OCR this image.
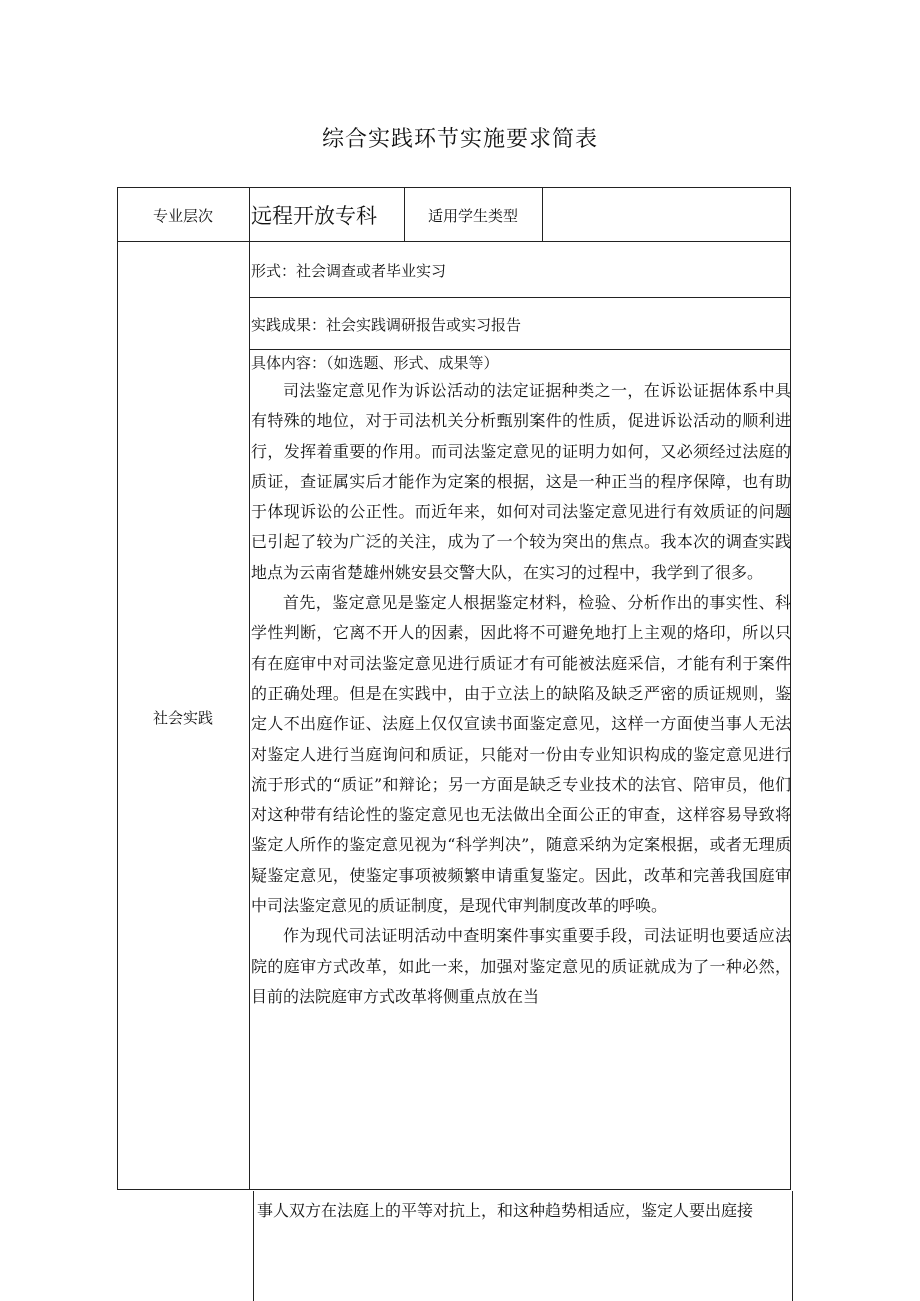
综合实践环节实施要求简表
专业层次	远程开放专科	适用学生类型
社会实践
形式：社会调查或者毕业实习
实践成果：社会实践调研报告或实习报告
具体内容：（如选题、形式、成果等）

司法鉴定意见作为诉讼活动的法定证据种类之一，在诉讼证据体系中具有特殊的地位，对于司法机关分析甄别案件的性质，促进诉讼活动的顺利进行，发挥着重要的作用。而司法鉴定意见的证明力如何，又必须经过法庭的质证，查证属实后才能作为定案的根据，这是一种正当的程序保障，也有助于体现诉讼的公正性。而近年来，如何对司法鉴定意见进行有效质证的问题已引起了较为广泛的关注，成为了一个较为突出的焦点。我本次的调查实践地点为云南省楚雄州姚安县交警大队，在实习的过程中，我学到了很多。

首先，鉴定意见是鉴定人根据鉴定材料，检验、分析作出的事实性、科学性判断，它离不开人的因素，因此将不可避免地打上主观的烙印，所以只有在庭审中对司法鉴定意见进行质证才有可能被法庭采信，才能有利于案件的正确处理。但是在实践中，由于立法上的缺陷及缺乏严密的质证规则，鉴定人不出庭作证、法庭上仅仅宣读书面鉴定意见，这样一方面使当事人无法对鉴定人进行当庭询问和质证，只能对一份由专业知识构成的鉴定意见进行流于形式的“质证”和辩论；另一方面是缺乏专业技术的法官、陪审员，他们对这种带有结论性的鉴定意见也无法做出全面公正的审查，这样容易导致将鉴定人所作的鉴定意见视为“科学判决”，随意采纳为定案根据，或者无理质疑鉴定意见，使鉴定事项被频繁申请重复鉴定。因此，改革和完善我国庭审中司法鉴定意见的质证制度，是现代审判制度改革的呼唤。

作为现代司法证明活动中查明案件事实重要手段，司法证明也要适应法院的庭审方式改革，如此一来，加强对鉴定意见的质证就成为了一种必然，目前的法院庭审方式改革将侧重点放在当

事人双方在法庭上的平等对抗上，和这种趋势相适应，鉴定人要出庭接
